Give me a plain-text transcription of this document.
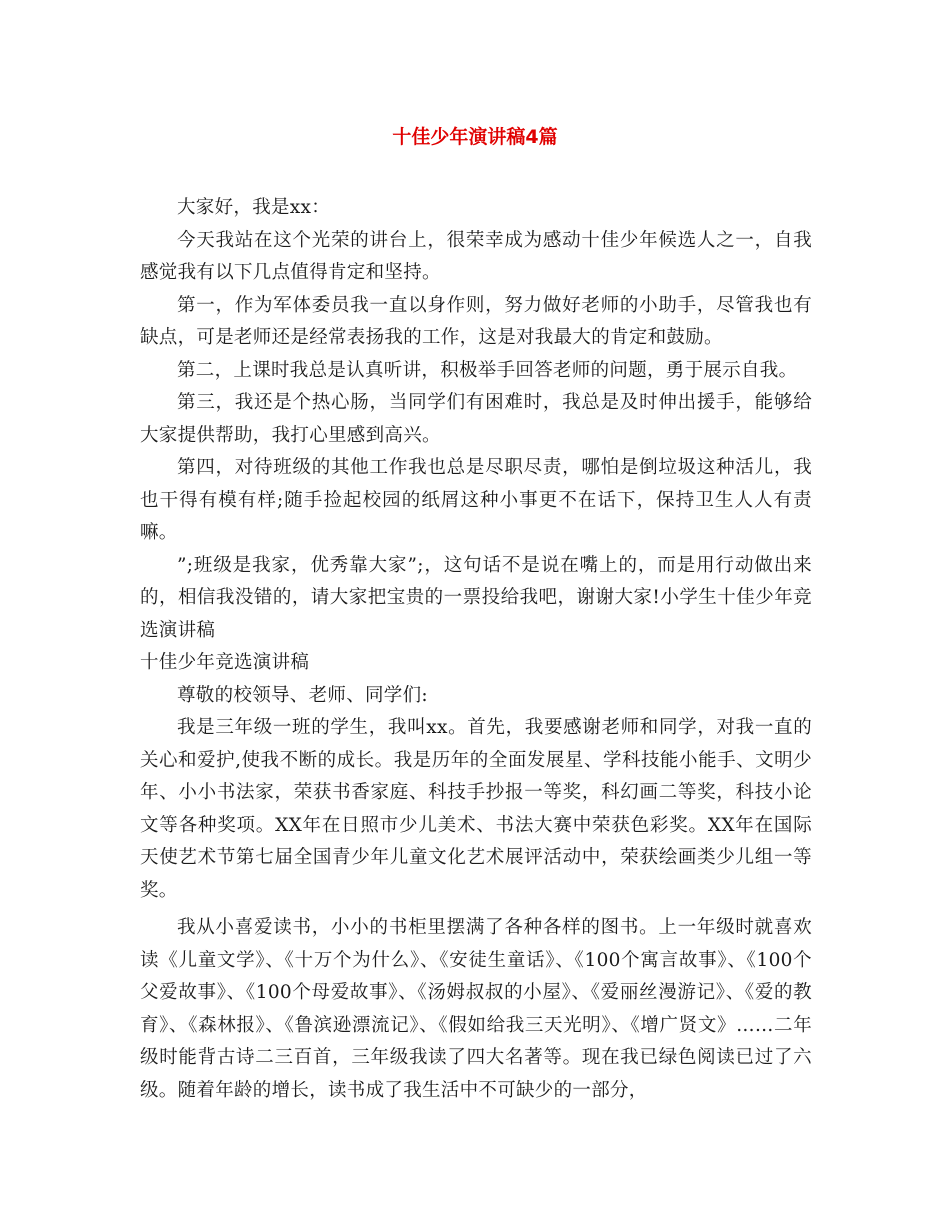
十佳少年演讲稿4篇

大家好，我是xx：

今天我站在这个光荣的讲台上，很荣幸成为感动十佳少年候选人之一，自我感觉我有以下几点值得肯定和坚持。

第一，作为军体委员我一直以身作则，努力做好老师的小助手，尽管我也有缺点，可是老师还是经常表扬我的工作，这是对我最大的肯定和鼓励。

第二，上课时我总是认真听讲，积极举手回答老师的问题，勇于展示自我。

第三，我还是个热心肠，当同学们有困难时，我总是及时伸出援手，能够给大家提供帮助，我打心里感到高兴。

第四，对待班级的其他工作我也总是尽职尽责，哪怕是倒垃圾这种活儿，我也干得有模有样;随手捡起校园的纸屑这种小事更不在话下，保持卫生人人有责嘛。

”;班级是我家，优秀靠大家”;，这句话不是说在嘴上的，而是用行动做出来的，相信我没错的，请大家把宝贵的一票投给我吧，谢谢大家!小学生十佳少年竞选演讲稿

十佳少年竞选演讲稿

尊敬的校领导、老师、同学们:

我是三年级一班的学生，我叫xx。首先，我要感谢老师和同学，对我一直的关心和爱护,使我不断的成长。我是历年的全面发展星、学科技能小能手、文明少年、小小书法家，荣获书香家庭、科技手抄报一等奖，科幻画二等奖，科技小论文等各种奖项。XX年在日照市少儿美术、书法大赛中荣获色彩奖。XX年在国际天使艺术节第七届全国青少年儿童文化艺术展评活动中，荣获绘画类少儿组一等奖。

我从小喜爱读书，小小的书柜里摆满了各种各样的图书。上一年级时就喜欢读《儿童文学》、《十万个为什么》、《安徒生童话》、《100个寓言故事》、《100个父爱故事》、《100个母爱故事》、《汤姆叔叔的小屋》、《爱丽丝漫游记》、《爱的教育》、《森林报》、《鲁滨逊漂流记》、《假如给我三天光明》、《增广贤文》……二年级时能背古诗二三百首，三年级我读了四大名著等。现在我已绿色阅读已过了六级。随着年龄的增长，读书成了我生活中不可缺少的一部分，
